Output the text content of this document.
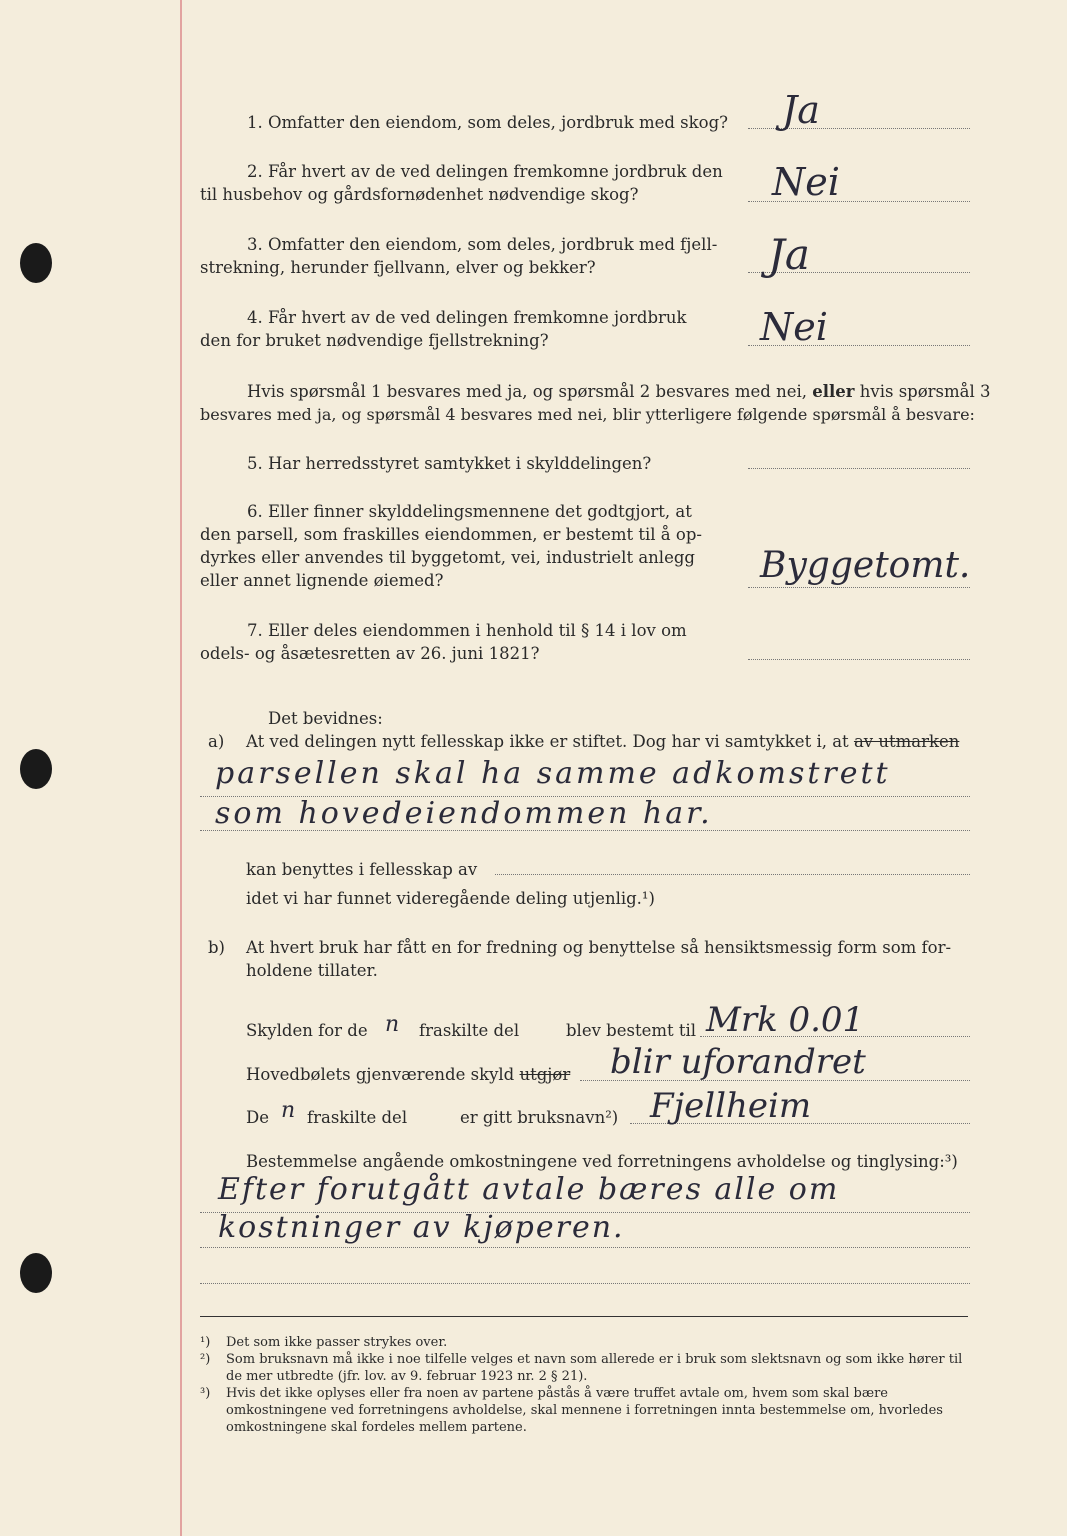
1. Omfatter den eiendom, som deles, jordbruk med skog? Ja
2. Får hvert av de ved delingen fremkomne jordbruk den
til husbehov og gårdsfornødenhet nødvendige skog?	Nei
3. Omfatter den eiendom, som deles, jordbruk med fjell-
strekning, herunder fjellvann, elver og bekker?	Ja
4. Får hvert av de ved delingen fremkomne jordbruk
den for bruket nødvendige fjellstrekning?	Nei
Hvis spørsmål 1 besvares med ja, og spørsmål 2 besvares med nei, eller hvis spørsmål 3
besvares med ja, og spørsmål 4 besvares med nei, blir ytterligere følgende spørsmål å besvare:
5. Har herredsstyret samtykket i skylddelingen?
6. Eller finner skylddelingsmennene det godtgjort, at
den parsell, som fraskilles eiendommen, er bestemt til å op-
dyrkes eller anvendes til byggetomt, vei, industrielt anlegg
eller annet lignende øiemed?	Byggetomt.
7. Eller deles eiendommen i henhold til § 14 i lov om
odels- og åsætesretten av 26. juni 1821?
Det bevidnes:
a) At ved delingen nytt fellesskap ikke er stiftet. Dog har vi samtykket i, at av utmarken
parsellen skal ha samme adkomstrett
som hovedeiendommen har.
kan benyttes i fellesskap av
idet vi har funnet videregående deling utjenlig.¹)
b) At hvert bruk har fått en for fredning og benyttelse så hensiktsmessig form som for-
holdene tillater.
Skylden for de n fraskilte del	blev bestemt til Mrk 0.01
Hovedbølets gjenværende skyld utgjør blir uforandret
De n fraskilte del	er gitt bruksnavn²) Fjellheim
Bestemmelse angående omkostningene ved forretningens avholdelse og tinglysing:³)
Efter forutgått avtale bæres alle om
kostninger av kjøperen.

¹) Det som ikke passer strykes over.

²) Som bruksnavn må ikke i noe tilfelle velges et navn som allerede er i bruk som slektsnavn og som ikke hører til de mer utbredte (jfr. lov. av 9. februar 1923 nr. 2 § 21).

³) Hvis det ikke oplyses eller fra noen av partene påstås å være truffet avtale om, hvem som skal bære omkostningene ved forretningens avholdelse, skal mennene i forretningen innta bestemmelse om, hvorledes omkostningene skal fordeles mellem partene.
